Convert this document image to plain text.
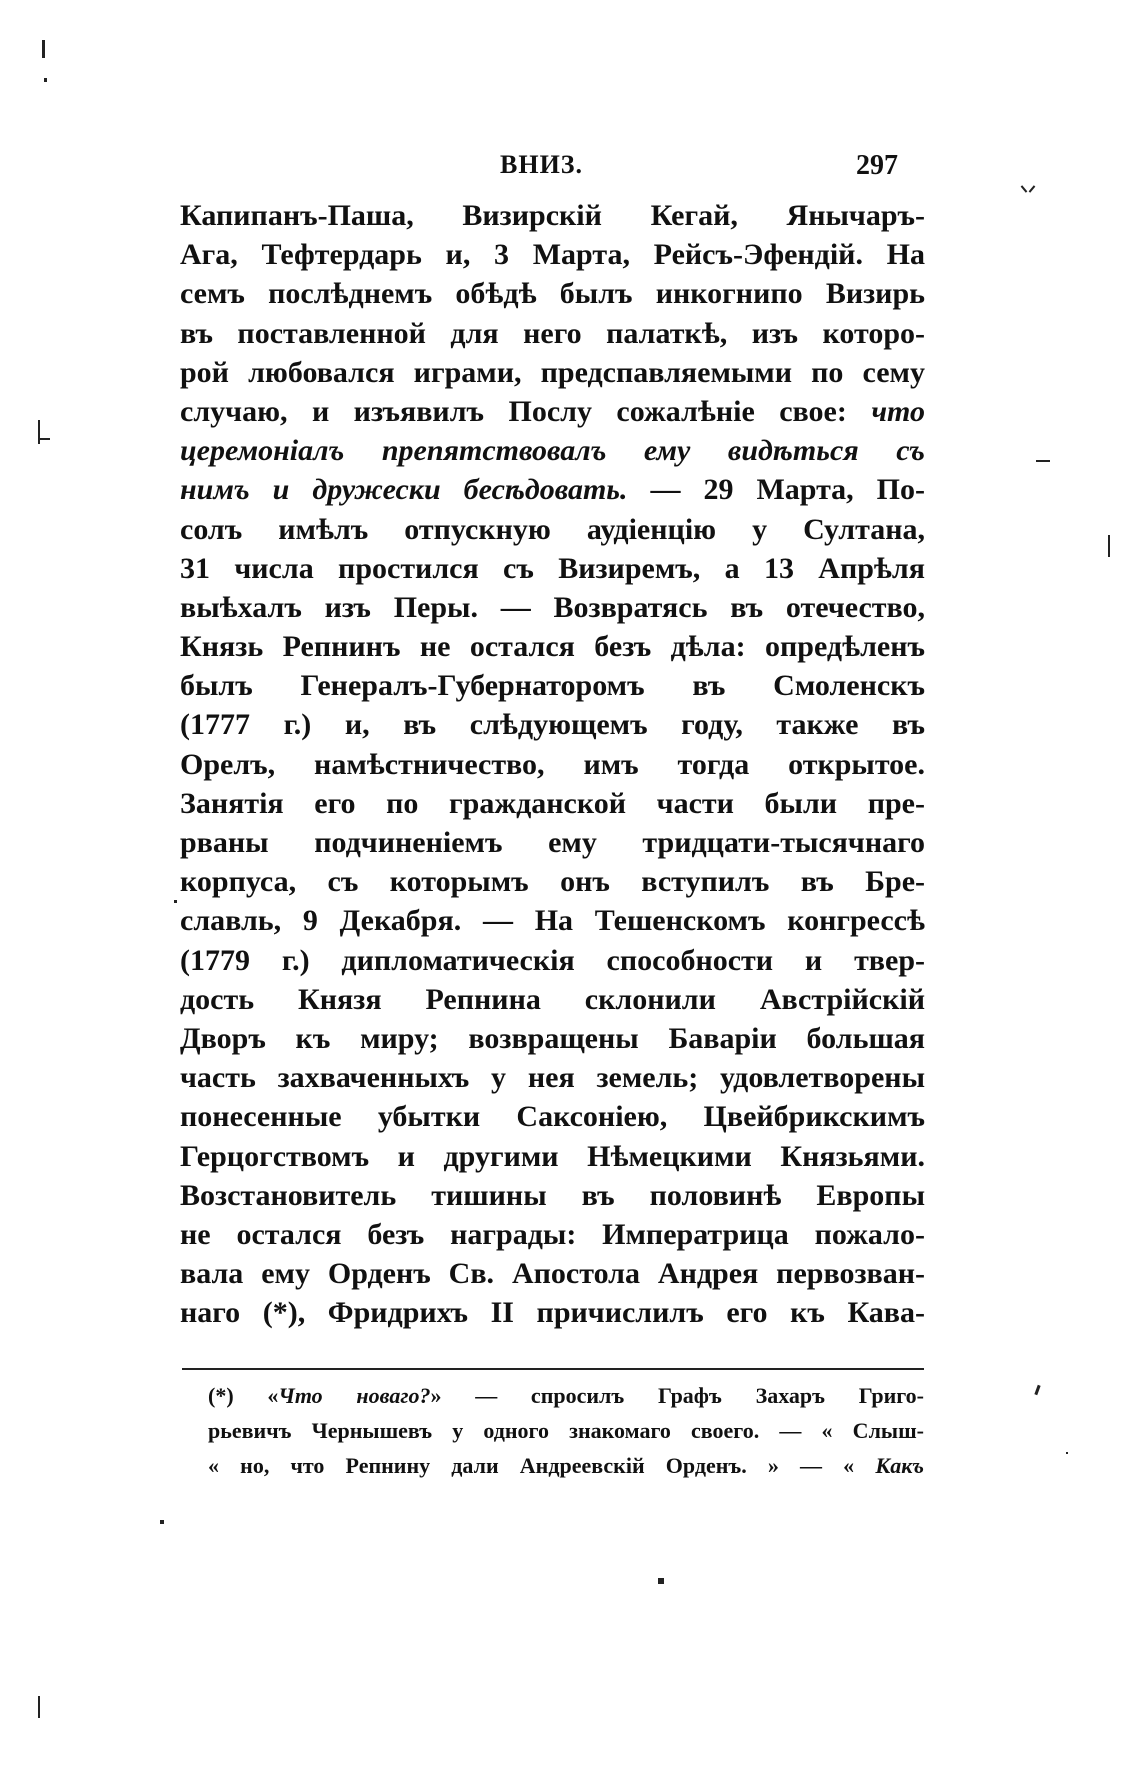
ВНИЗ.	297
Капипанъ-Паша, Визирскій Кегай, Янычаръ-
Ага, Тефтердарь и, 3 Марта, Рейсъ-Эфендій. На
семъ послѣднемъ обѣдѣ былъ инкогнипо Визирь
въ поставленной для него палаткѣ, изъ котоpo-
рой любовался играми, предспавляемыми по сему
случаю, и изъявилъ Послу сожалѣніе свое: что
церемоніалъ препятствовалъ ему видѣться съ
нимъ и дружески бесѣдовать. — 29 Марта, По-
солъ имѣлъ отпускную аудіенцію у Султана,
31 числа простился съ Визиремъ, а 13 Апрѣля
выѣхалъ изъ Перы. — Возвратясь въ отечество,
Князь Репнинъ не остался безъ дѣла: опредѣленъ
былъ Генералъ-Губернаторомъ въ Смоленскъ
(1777 г.) и, въ слѣдующемъ году, также въ
Орелъ, намѣстничество, имъ тогда открытое.
Занятія его по гражданской части были пре-
рваны подчиненіемъ ему тридцати-тысячнаго
корпуса, съ которымъ онъ вступилъ въ Бре-
славль, 9 Декабря. — На Тешенскомъ конгрессѣ
(1779 г.) дипломатическія способности и твер-
дость Князя Репнина склонили Австрійскій
Дворъ къ миру; возвращены Баваріи большая
часть захваченныхъ у нея земель; удовлетворены
понесенные убытки Саксоніею, Цвейбрикскимъ
Герцогствомъ и другими Нѣмецкими Князьями.
Возстановитель тишины въ половинѣ Европы
не остался безъ награды: Императрица пожало-
вала ему Орденъ Св. Апостола Андрея первозван-
наго (*), Фридрихъ II причислилъ его къ Кава-
(*) «Что новаго?» — спросилъ Графъ Захаръ Григо-
рьевичъ Чернышевъ у одного знакомаго своего. — « Слыш-
« но, что Репнину дали Андреевскій Орденъ. » — « Какъ
